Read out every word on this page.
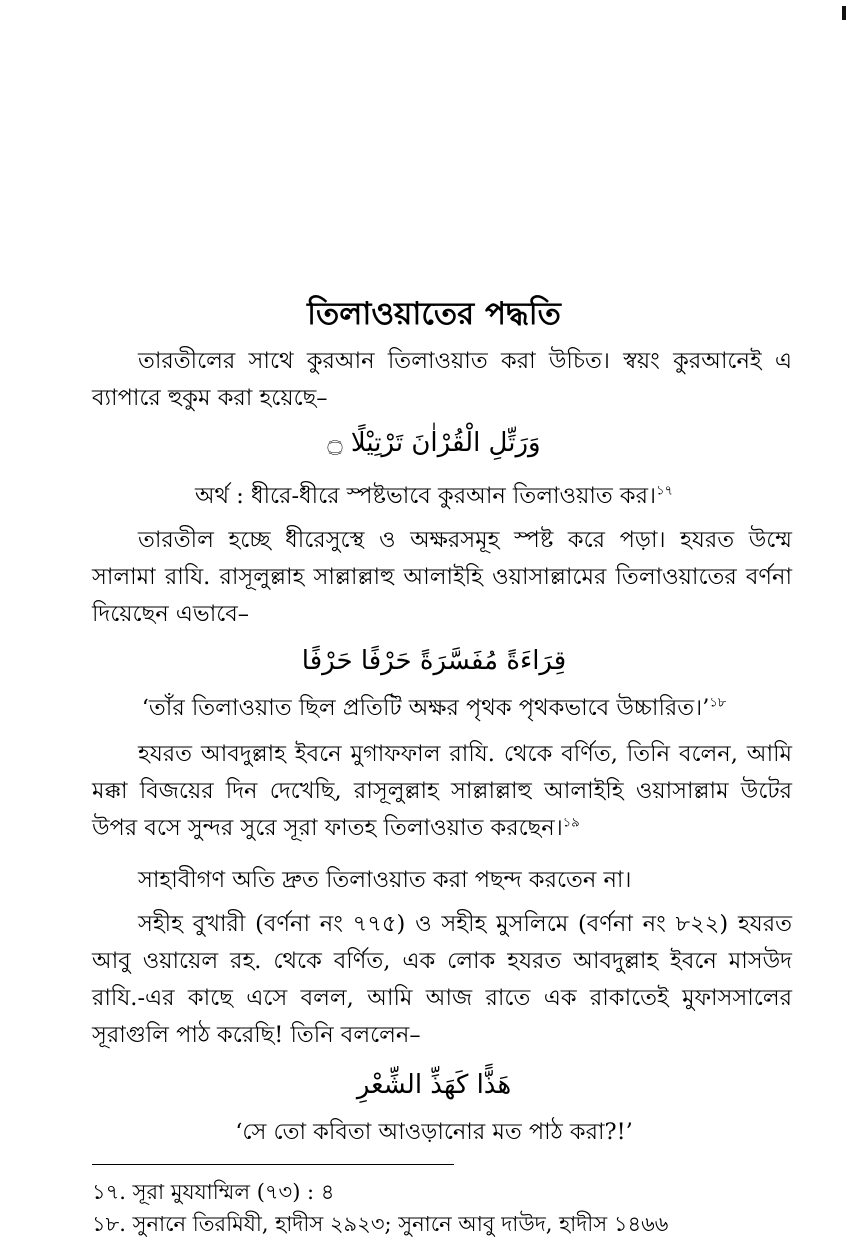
তিলাওয়াতের পদ্ধতি
তারতীলের সাথে কুরআন তিলাওয়াত করা উচিত। স্বয়ং কুরআনেই এ ব্যাপারে হুকুম করা হয়েছে–
وَرَتِّلِ الْقُرْاٰنَ تَرْتِيْلًا ۝
অর্থ : ধীরে-ধীরে স্পষ্টভাবে কুরআন তিলাওয়াত কর।$^{১৭}$
তারতীল হচ্ছে ধীরেসুস্থে ও অক্ষরসমূহ স্পষ্ট করে পড়া। হযরত উম্মে সালামা রাযি. রাসূলুল্লাহ সাল্লাল্লাহু আলাইহি ওয়াসাল্লামের তিলাওয়াতের বর্ণনা দিয়েছেন এভাবে–
قِرَاءَةً مُفَسَّرَةً حَرْفًا حَرْفًا
‘তাঁর তিলাওয়াত ছিল প্রতিটি অক্ষর পৃথক পৃথকভাবে উচ্চারিত।’$^{১৮}$
হযরত আবদুল্লাহ ইবনে মুগাফফাল রাযি. থেকে বর্ণিত, তিনি বলেন, আমি মক্কা বিজয়ের দিন দেখেছি, রাসূলুল্লাহ সাল্লাল্লাহু আলাইহি ওয়াসাল্লাম উটের উপর বসে সুন্দর সুরে সূরা ফাতহ তিলাওয়াত করছেন।$^{১৯}$
সাহাবীগণ অতি দ্রুত তিলাওয়াত করা পছন্দ করতেন না।
সহীহ বুখারী (বর্ণনা নং ৭৭৫) ও সহীহ মুসলিমে (বর্ণনা নং ৮২২) হযরত আবু ওয়ায়েল রহ. থেকে বর্ণিত, এক লোক হযরত আবদুল্লাহ ইবনে মাসউদ রাযি.-এর কাছে এসে বলল, আমি আজ রাতে এক রাকাতেই মুফাসসালের সূরাগুলি পাঠ করেছি! তিনি বললেন–
هَذًّا كَهَذِّ الشِّعْرِ
‘সে তো কবিতা আওড়ানোর মত পাঠ করা?!’
১৭. সূরা মুযযাম্মিল (৭৩) : ৪
১৮. সুনানে তিরমিযী, হাদীস ২৯২৩; সুনানে আবু দাউদ, হাদীস ১৪৬৬
